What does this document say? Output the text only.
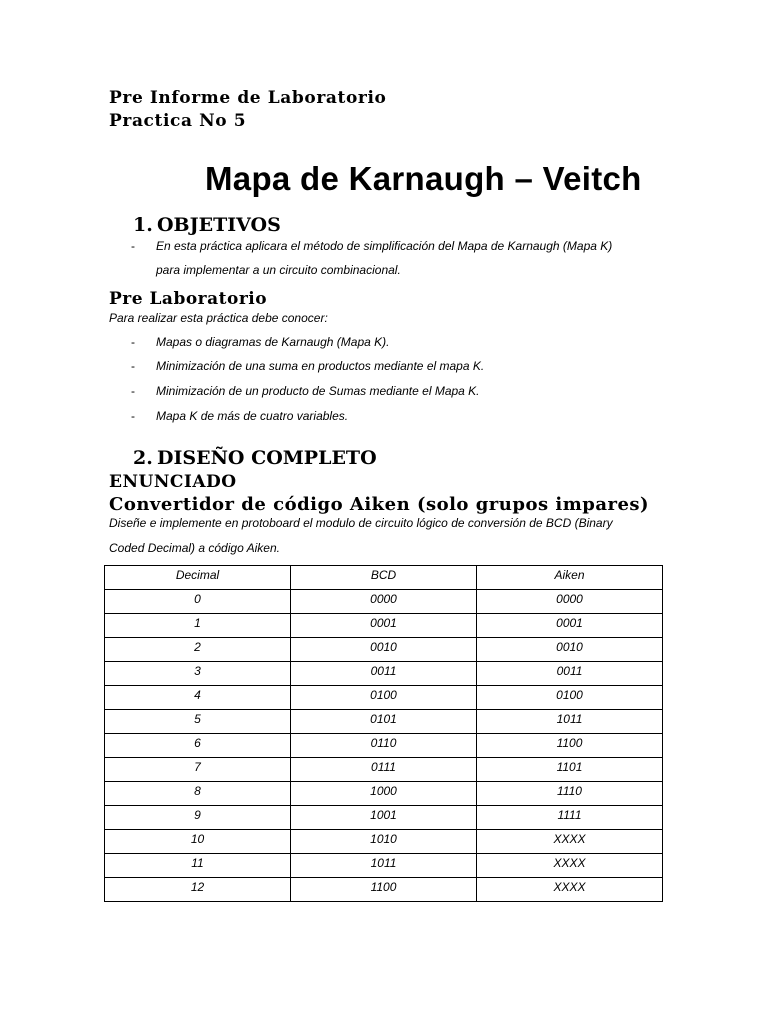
Pre Informe de Laboratorio
Practica No 5
Mapa de Karnaugh – Veitch
1. OBJETIVOS
- En esta práctica aplicara el método de simplificación del Mapa de Karnaugh (Mapa K)
para implementar a un circuito combinacional.
Pre Laboratorio
Para realizar esta práctica debe conocer:
- Mapas o diagramas de Karnaugh (Mapa K).
- Minimización de una suma en productos mediante el mapa K.
- Minimización de un producto de Sumas mediante el Mapa K.
- Mapa K de más de cuatro variables.
2. DISEÑO COMPLETO
ENUNCIADO
Convertidor de código Aiken (solo grupos impares)
Diseñe e implemente en protoboard el modulo de circuito lógico de conversión de BCD (Binary
Coded Decimal) a código Aiken.
Decimal	BCD	Aiken
0	0000	0000
1	0001	0001
2	0010	0010
3	0011	0011
4	0100	0100
5	0101	1011
6	0110	1100
7	0111	1101
8	1000	1110
9	1001	1111
10	1010	XXXX
11	1011	XXXX
12	1100	XXXX
